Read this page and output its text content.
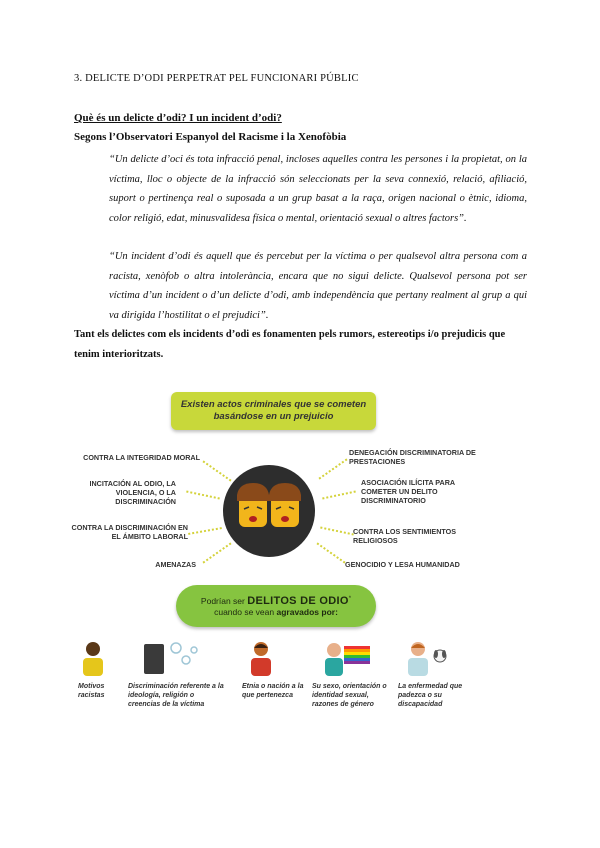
3. DELICTE D’ODI PERPETRAT PEL FUNCIONARI PÚBLIC
Què és un delicte d’odi? I un incident d’odi?
Segons l’Observatori Espanyol del Racisme i la Xenofòbia
“Un delicte d’oci és tota infracció penal, incloses aquelles contra les persones i la propietat, on la víctima, lloc o objecte de la infracció són seleccionats per la seva connexió, relació, afiliació, suport o pertinença real o suposada a un grup basat a la raça, origen nacional o ètnic, idioma, color religió, edat, minusvalidesa física o mental, orientació sexual o altres factors”.
“Un incident d’odi és aquell que és percebut per la víctima o per qualsevol altra persona com a racista, xenòfob o altra intolerància, encara que no sigui delicte. Qualsevol persona pot ser víctima d’un incident o d’un delicte d’odi, amb independència que pertany realment al grup a qui va dirigida l’hostilitat o el prejudici”.
Tant els delictes com els incidents d’odi es fonamenten pels rumors, estereotips i/o prejudicis que tenim interioritzats.
Existen actos criminales que se cometen basándose en un prejuicio
CONTRA LA INTEGRIDAD MORAL
INCITACIÓN AL ODIO, LA VIOLENCIA, O LA DISCRIMINACIÓN
CONTRA LA DISCRIMINACIÓN EN EL ÁMBITO LABORAL
AMENAZAS
DENEGACIÓN DISCRIMINATORIA DE PRESTACIONES
ASOCIACIÓN ILÍCITA PARA COMETER UN DELITO DISCRIMINATORIO
CONTRA LOS SENTIMIENTOS RELIGIOSOS
GENOCIDIO Y LESA HUMANIDAD
Podrían ser DELITOS DE ODIO*
cuando se vean agravados por:
Motivos racistas
Discriminación referente a la ideología, religión o creencias de la víctima
Etnia o nación a la que pertenezca
Su sexo, orientación o identidad sexual, razones de género
La enfermedad que padezca o su discapacidad
